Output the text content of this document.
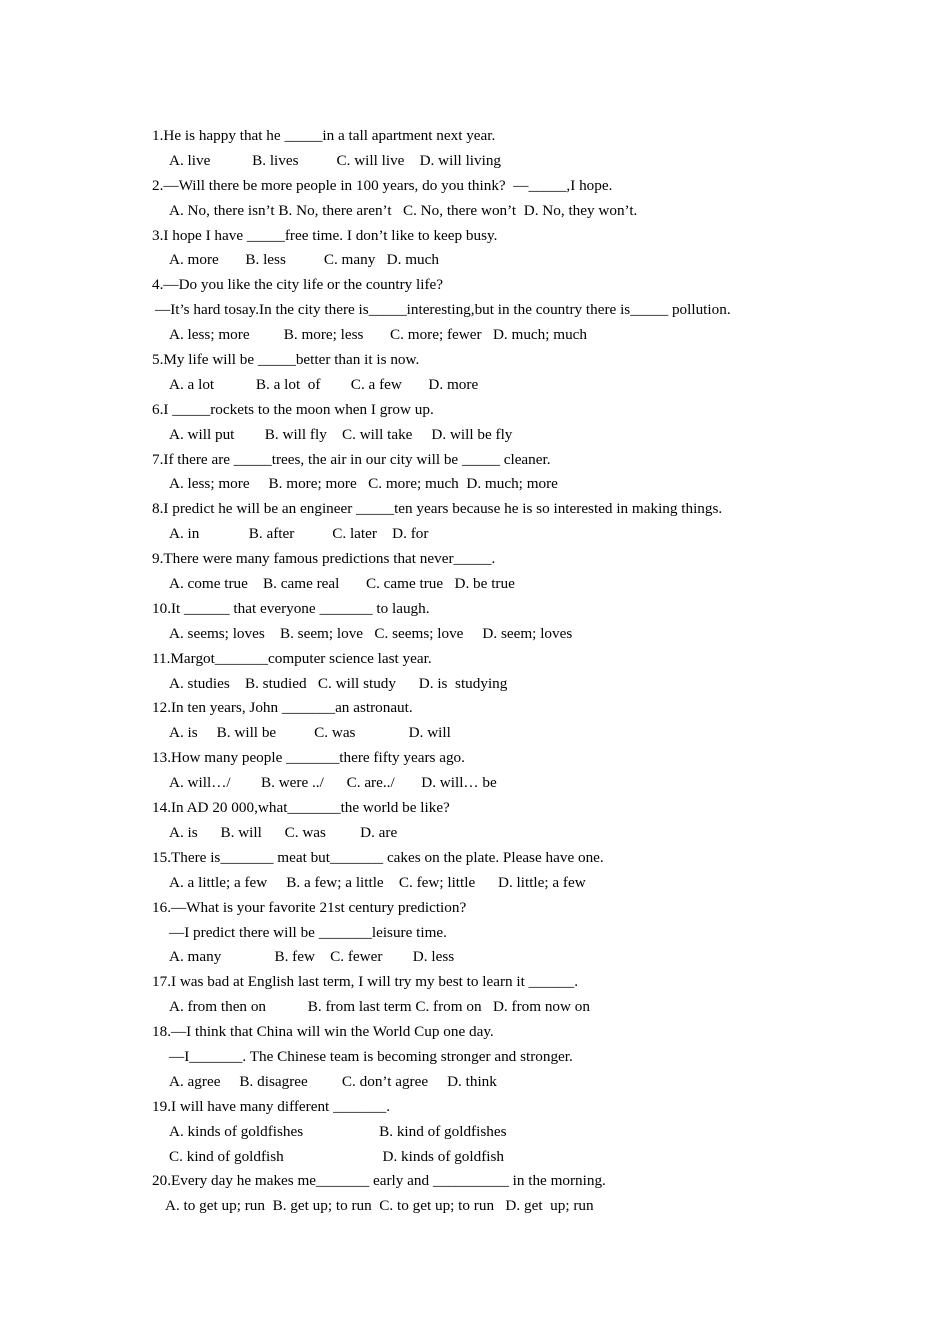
1.He is happy that he _____in a tall apartment next year.
A. live           B. lives          C. will live    D. will living
2.—Will there be more people in 100 years, do you think?  —_____,I hope.
A. No, there isn’t B. No, there aren’t   C. No, there won’t  D. No, they won’t.
3.I hope I have _____free time. I don’t like to keep busy.
A. more       B. less          C. many   D. much
4.—Do you like the city life or the country life?
—It’s hard tosay.In the city there is_____interesting,but in the country there is_____ pollution.
A. less; more         B. more; less       C. more; fewer   D. much; much
5.My life will be _____better than it is now.
A. a lot           B. a lot  of        C. a few       D. more
6.I _____rockets to the moon when I grow up.
A. will put        B. will fly    C. will take     D. will be fly
7.If there are _____trees, the air in our city will be _____ cleaner.
A. less; more     B. more; more   C. more; much  D. much; more
8.I predict he will be an engineer _____ten years because he is so interested in making things.
A. in             B. after          C. later    D. for
9.There were many famous predictions that never_____.
A. come true    B. came real       C. came true   D. be true
10.It ______ that everyone _______ to laugh.
A. seems; loves    B. seem; love   C. seems; love     D. seem; loves
11.Margot_______computer science last year.
A. studies    B. studied   C. will study      D. is  studying
12.In ten years, John _______an astronaut.
A. is     B. will be          C. was              D. will
13.How many people _______there fifty years ago.
A. will…/        B. were ../      C. are../       D. will… be
14.In AD 20 000,what_______the world be like?
A. is      B. will      C. was         D. are
15.There is_______ meat but_______ cakes on the plate. Please have one.
A. a little; a few     B. a few; a little    C. few; little      D. little; a few
16.—What is your favorite 21st century prediction?
—I predict there will be _______leisure time.
A. many              B. few    C. fewer        D. less
17.I was bad at English last term, I will try my best to learn it ______.
A. from then on           B. from last term C. from on   D. from now on
18.—I think that China will win the World Cup one day.
—I_______. The Chinese team is becoming stronger and stronger.
A. agree     B. disagree         C. don’t agree     D. think
19.I will have many different _______.
A. kinds of goldfishes                    B. kind of goldfishes
C. kind of goldfish                          D. kinds of goldfish
20.Every day he makes me_______ early and __________ in the morning.
A. to get up; run  B. get up; to run  C. to get up; to run   D. get  up; run
